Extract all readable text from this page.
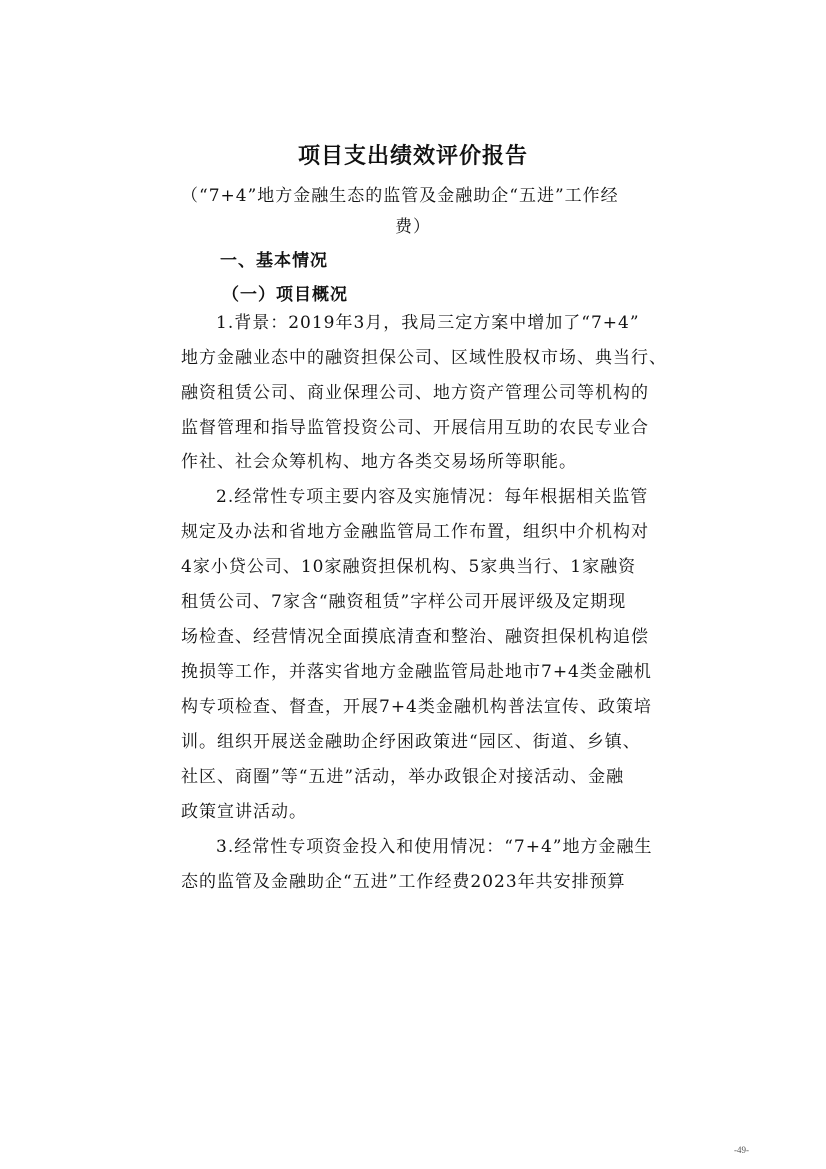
项目支出绩效评价报告
（“7+4”地方金融生态的监管及金融助企“五进”工作经
费）
一、基本情况
（一）项目概况
1.背景：2019年3月，我局三定方案中增加了“7+4”
地方金融业态中的融资担保公司、区域性股权市场、典当行、
融资租赁公司、商业保理公司、地方资产管理公司等机构的
监督管理和指导监管投资公司、开展信用互助的农民专业合
作社、社会众筹机构、地方各类交易场所等职能。
2.经常性专项主要内容及实施情况：每年根据相关监管
规定及办法和省地方金融监管局工作布置，组织中介机构对
4家小贷公司、10家融资担保机构、5家典当行、1家融资
租赁公司、7家含“融资租赁”字样公司开展评级及定期现
场检查、经营情况全面摸底清查和整治、融资担保机构追偿
挽损等工作，并落实省地方金融监管局赴地市7+4类金融机
构专项检查、督查，开展7+4类金融机构普法宣传、政策培
训。组织开展送金融助企纾困政策进“园区、街道、乡镇、
社区、商圈”等“五进”活动，举办政银企对接活动、金融
政策宣讲活动。
3.经常性专项资金投入和使用情况：“7+4”地方金融生
态的监管及金融助企“五进”工作经费2023年共安排预算
-49-
